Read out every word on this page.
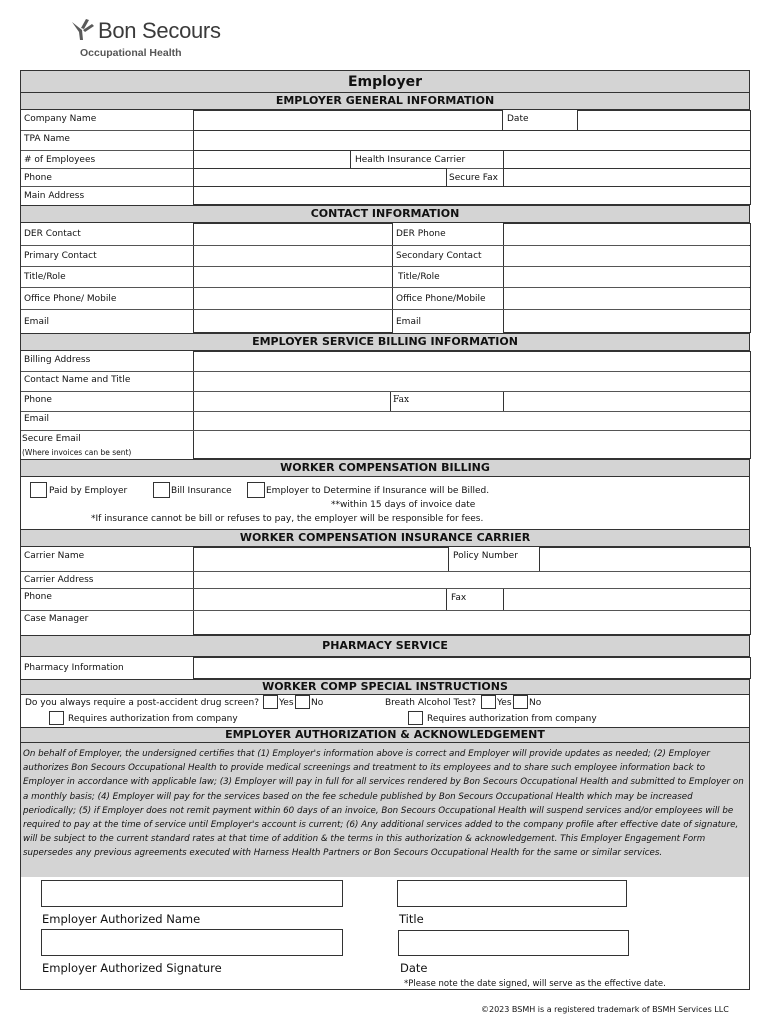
Bon Secours
Occupational Health
Employer
EMPLOYER GENERAL INFORMATION
Company Name	Date
TPA Name
# of Employees	Health Insurance Carrier
Phone	Secure Fax
Main Address
CONTACT INFORMATION
DER Contact	DER Phone
Primary Contact	Secondary Contact
Title/Role	Title/Role
Office Phone/ Mobile	Office Phone/Mobile
Email	Email
EMPLOYER SERVICE BILLING INFORMATION
Billing Address
Contact Name and Title
Phone	Fax
Email
Secure Email
(Where invoices can be sent)
WORKER COMPENSATION BILLING
Paid by Employer	Bill Insurance	Employer to Determine if Insurance will be Billed.
**within 15 days of invoice date
*If insurance cannot be bill or refuses to pay, the employer will be responsible for fees.
WORKER COMPENSATION INSURANCE CARRIER
Carrier Name	Policy Number
Carrier Address
Phone	Fax
Case Manager
PHARMACY SERVICE
Pharmacy Information
WORKER COMP SPECIAL INSTRUCTIONS
Do you always require a post-accident drug screen? Yes No	Breath Alcohol Test? Yes No
Requires authorization from company	Requires authorization from company
EMPLOYER AUTHORIZATION & ACKNOWLEDGEMENT
On behalf of Employer, the undersigned certifies that (1) Employer's information above is correct and Employer will provide updates as needed; (2) Employer authorizes Bon Secours Occupational Health to provide medical screenings and treatment to its employees and to share such employee information back to Employer in accordance with applicable law; (3) Employer will pay in full for all services rendered by Bon Secours Occupational Health and submitted to Employer on a monthly basis; (4) Employer will pay for the services based on the fee schedule published by Bon Secours Occupational Health which may be increased periodically; (5) if Employer does not remit payment within 60 days of an invoice, Bon Secours Occupational Health will suspend services and/or employees will be required to pay at the time of service until Employer's account is current; (6) Any additional services added to the company profile after effective date of signature, will be subject to the current standard rates at that time of addition & the terms in this authorization & acknowledgement. This Employer Engagement Form supersedes any previous agreements executed with Harness Health Partners or Bon Secours Occupational Health for the same or similar services.
Employer Authorized Name	Title
Employer Authorized Signature	Date
*Please note the date signed, will serve as the effective date.
©2023 BSMH is a registered trademark of BSMH Services LLC
